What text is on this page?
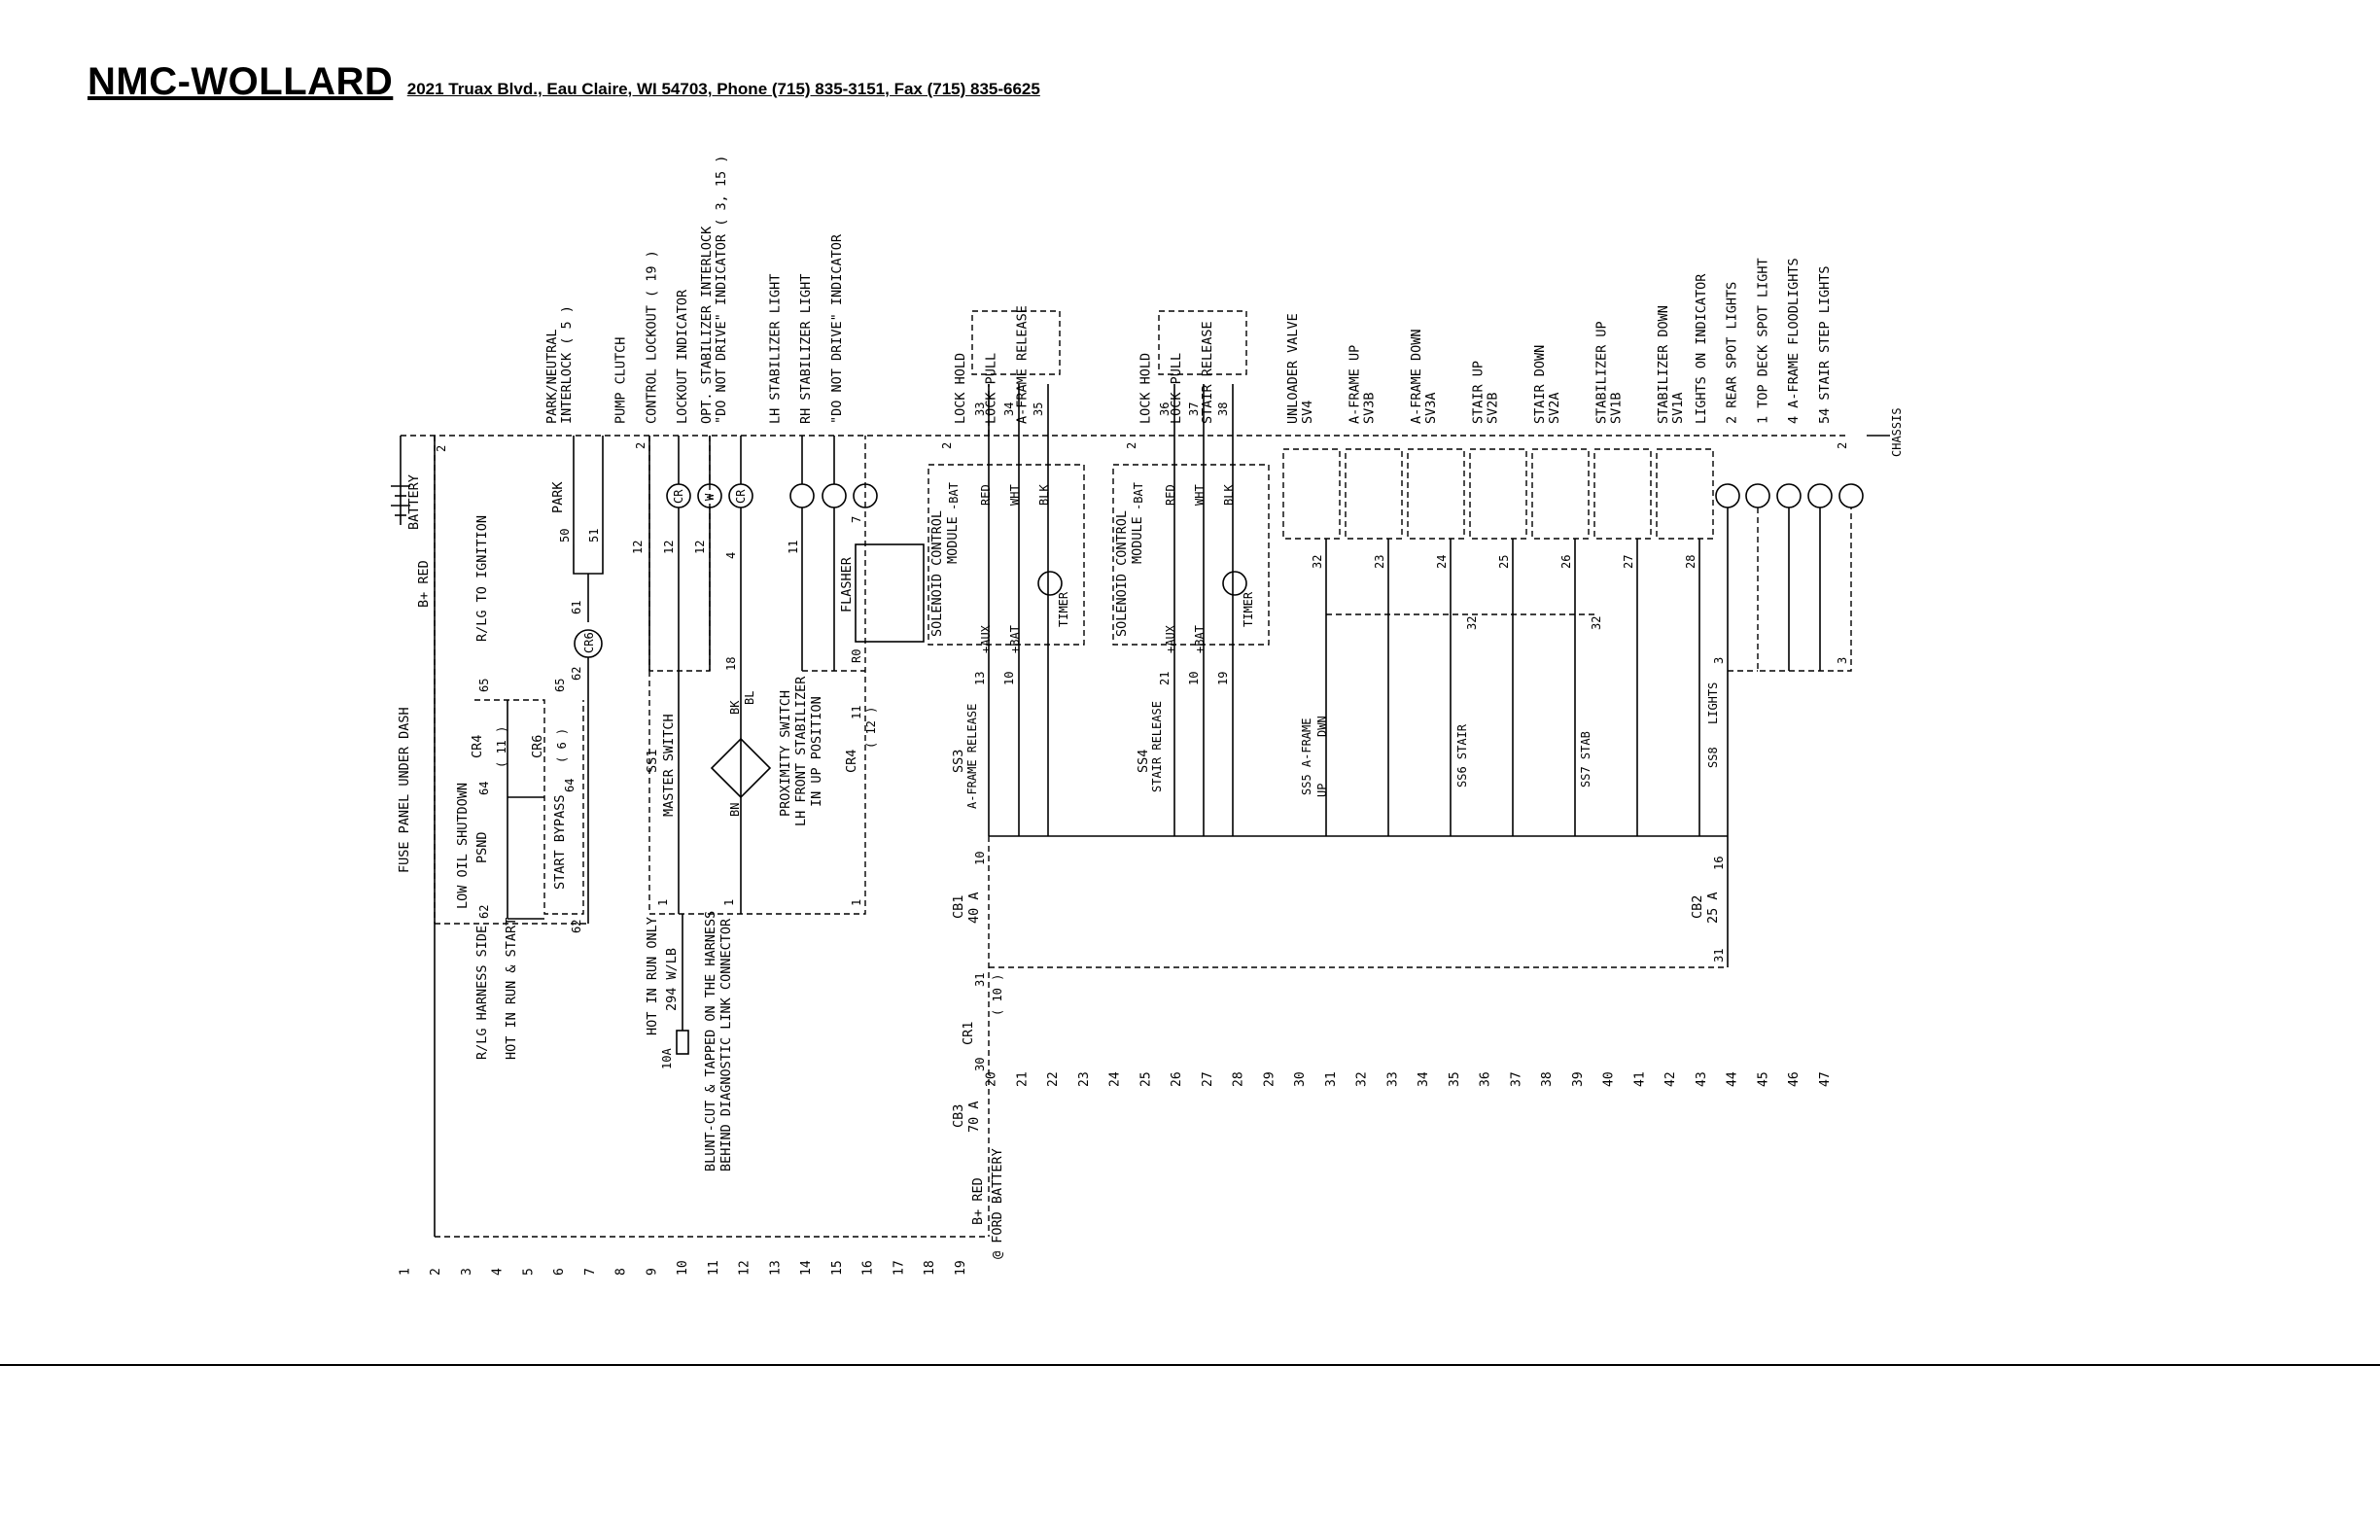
NMC-WOLLARD 2021 Truax Blvd., Eau Claire, WI 54703, Phone (715) 835-3151, Fax (715) 835-6625
BATTERY
B+ RED
FUSE PANEL UNDER DASH
R/LG TO IGNITION
LOW OIL SHUTDOWN PSND	START BYPASS
R/LG HARNESS SIDE HOT IN RUN & START
CR4 ( 11 ) CR6 ( 6 )
PARK
CR6
CR W CR
SS1 MASTER SWITCH
BK
BL
BN	PROXIMITY SWITCH LH FRONT STABILIZER IN UP POSITION
FLASHER
CR4
( 12 )
HOT IN RUN ONLY 294 W/LB
10A BLUNT-CUT & TAPPED ON THE HARNESS BEHIND DIAGNOSTIC LINK CONNECTOR
SOLENOID CONTROL MODULE	SOLENOID CONTROL MODULE
-BAT	-BAT
RED WHT BLK	RED WHT BLK
+AUX +BAT
TIMER
+AUX +BAT
TIMER
SS3 A-FRAME RELEASE	SS4 STAIR RELEASE
CB1 40 A	CB2 25 A
CB3 70 A
CR1
( 10 )
B+ RED @ FORD BATTERY
SS5 A-FRAME	SS6 STAIR	SS7 STAB	SS8
LIGHTS
UP
DWN
CHASSIS
2	2
12 12 12
4
18
11
7
R0
11
50 51
61
62
62
62
64	64
65	65
2	2
33 34 35	36 37 38
13 10	21 10 19
10
31
30
16
31
32	23	24	25	26	27	28
32	32
3	3
2
1	1	1
PARK/NEUTRAL INTERLOCK ( 5 )	PUMP CLUTCH CONTROL LOCKOUT ( 19 ) LOCKOUT INDICATOR OPT. STABILIZER INTERLOCK "DO NOT DRIVE" INDICATOR ( 3, 15 )	LH STABILIZER LIGHT RH STABILIZER LIGHT "DO NOT DRIVE" INDICATOR	LOCK HOLD LOCK PULL A-FRAME RELEASE	LOCK HOLD LOCK PULL STAIR RELEASE	UNLOADER VALVE SV4 A-FRAME UP SV3B A-FRAME DOWN SV3A STAIR UP SV2B STAIR DOWN SV2A STABILIZER UP SV1B STABILIZER DOWN SV1A LIGHTS ON INDICATOR 2 REAR SPOT LIGHTS 1 TOP DECK SPOT LIGHT 4 A-FRAME FLOODLIGHTS 54 STAIR STEP LIGHTS
1 2 3 4 5 6 7 8 9 10 11 12 13 14 15 16 17 18 19
20 21 22 23 24 25 26 27 28 29 30 31 32 33 34 35 36 37 38 39 40 41 42 43 44 45 46 47
